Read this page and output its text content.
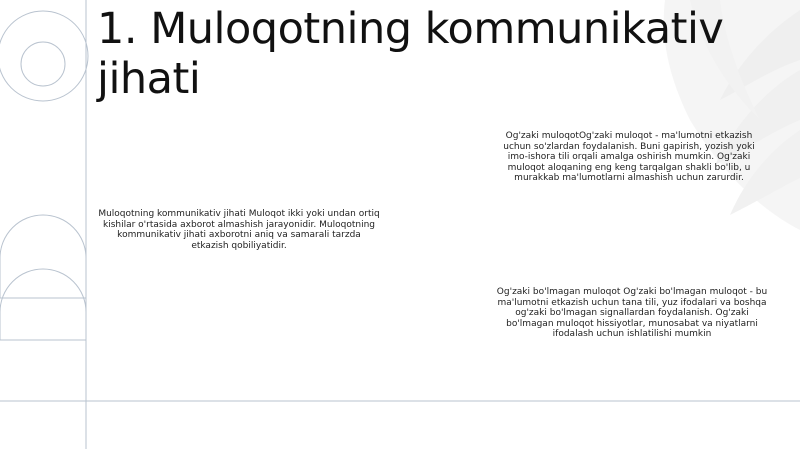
1. Muloqotning kommunikativ jihati

Muloqotning kommunikativ jihati Muloqot ikki yoki undan ortiq kishilar o'rtasida axborot almashish jarayonidir. Muloqotning kommunikativ jihati axborotni aniq va samarali tarzda etkazish qobiliyatidir.

Og'zaki muloqotOg'zaki muloqot - ma'lumotni etkazish uchun so'zlardan foydalanish. Buni gapirish, yozish yoki imo-ishora tili orqali amalga oshirish mumkin. Og'zaki muloqot aloqaning eng keng tarqalgan shakli bo'lib, u murakkab ma'lumotlarni almashish uchun zarurdir.

Og'zaki bo'lmagan muloqot Og'zaki bo'lmagan muloqot - bu ma'lumotni etkazish uchun tana tili, yuz ifodalari va boshqa og'zaki bo'lmagan signallardan foydalanish. Og'zaki bo'lmagan muloqot hissiyotlar, munosabat va niyatlarni ifodalash uchun ishlatilishi mumkin
